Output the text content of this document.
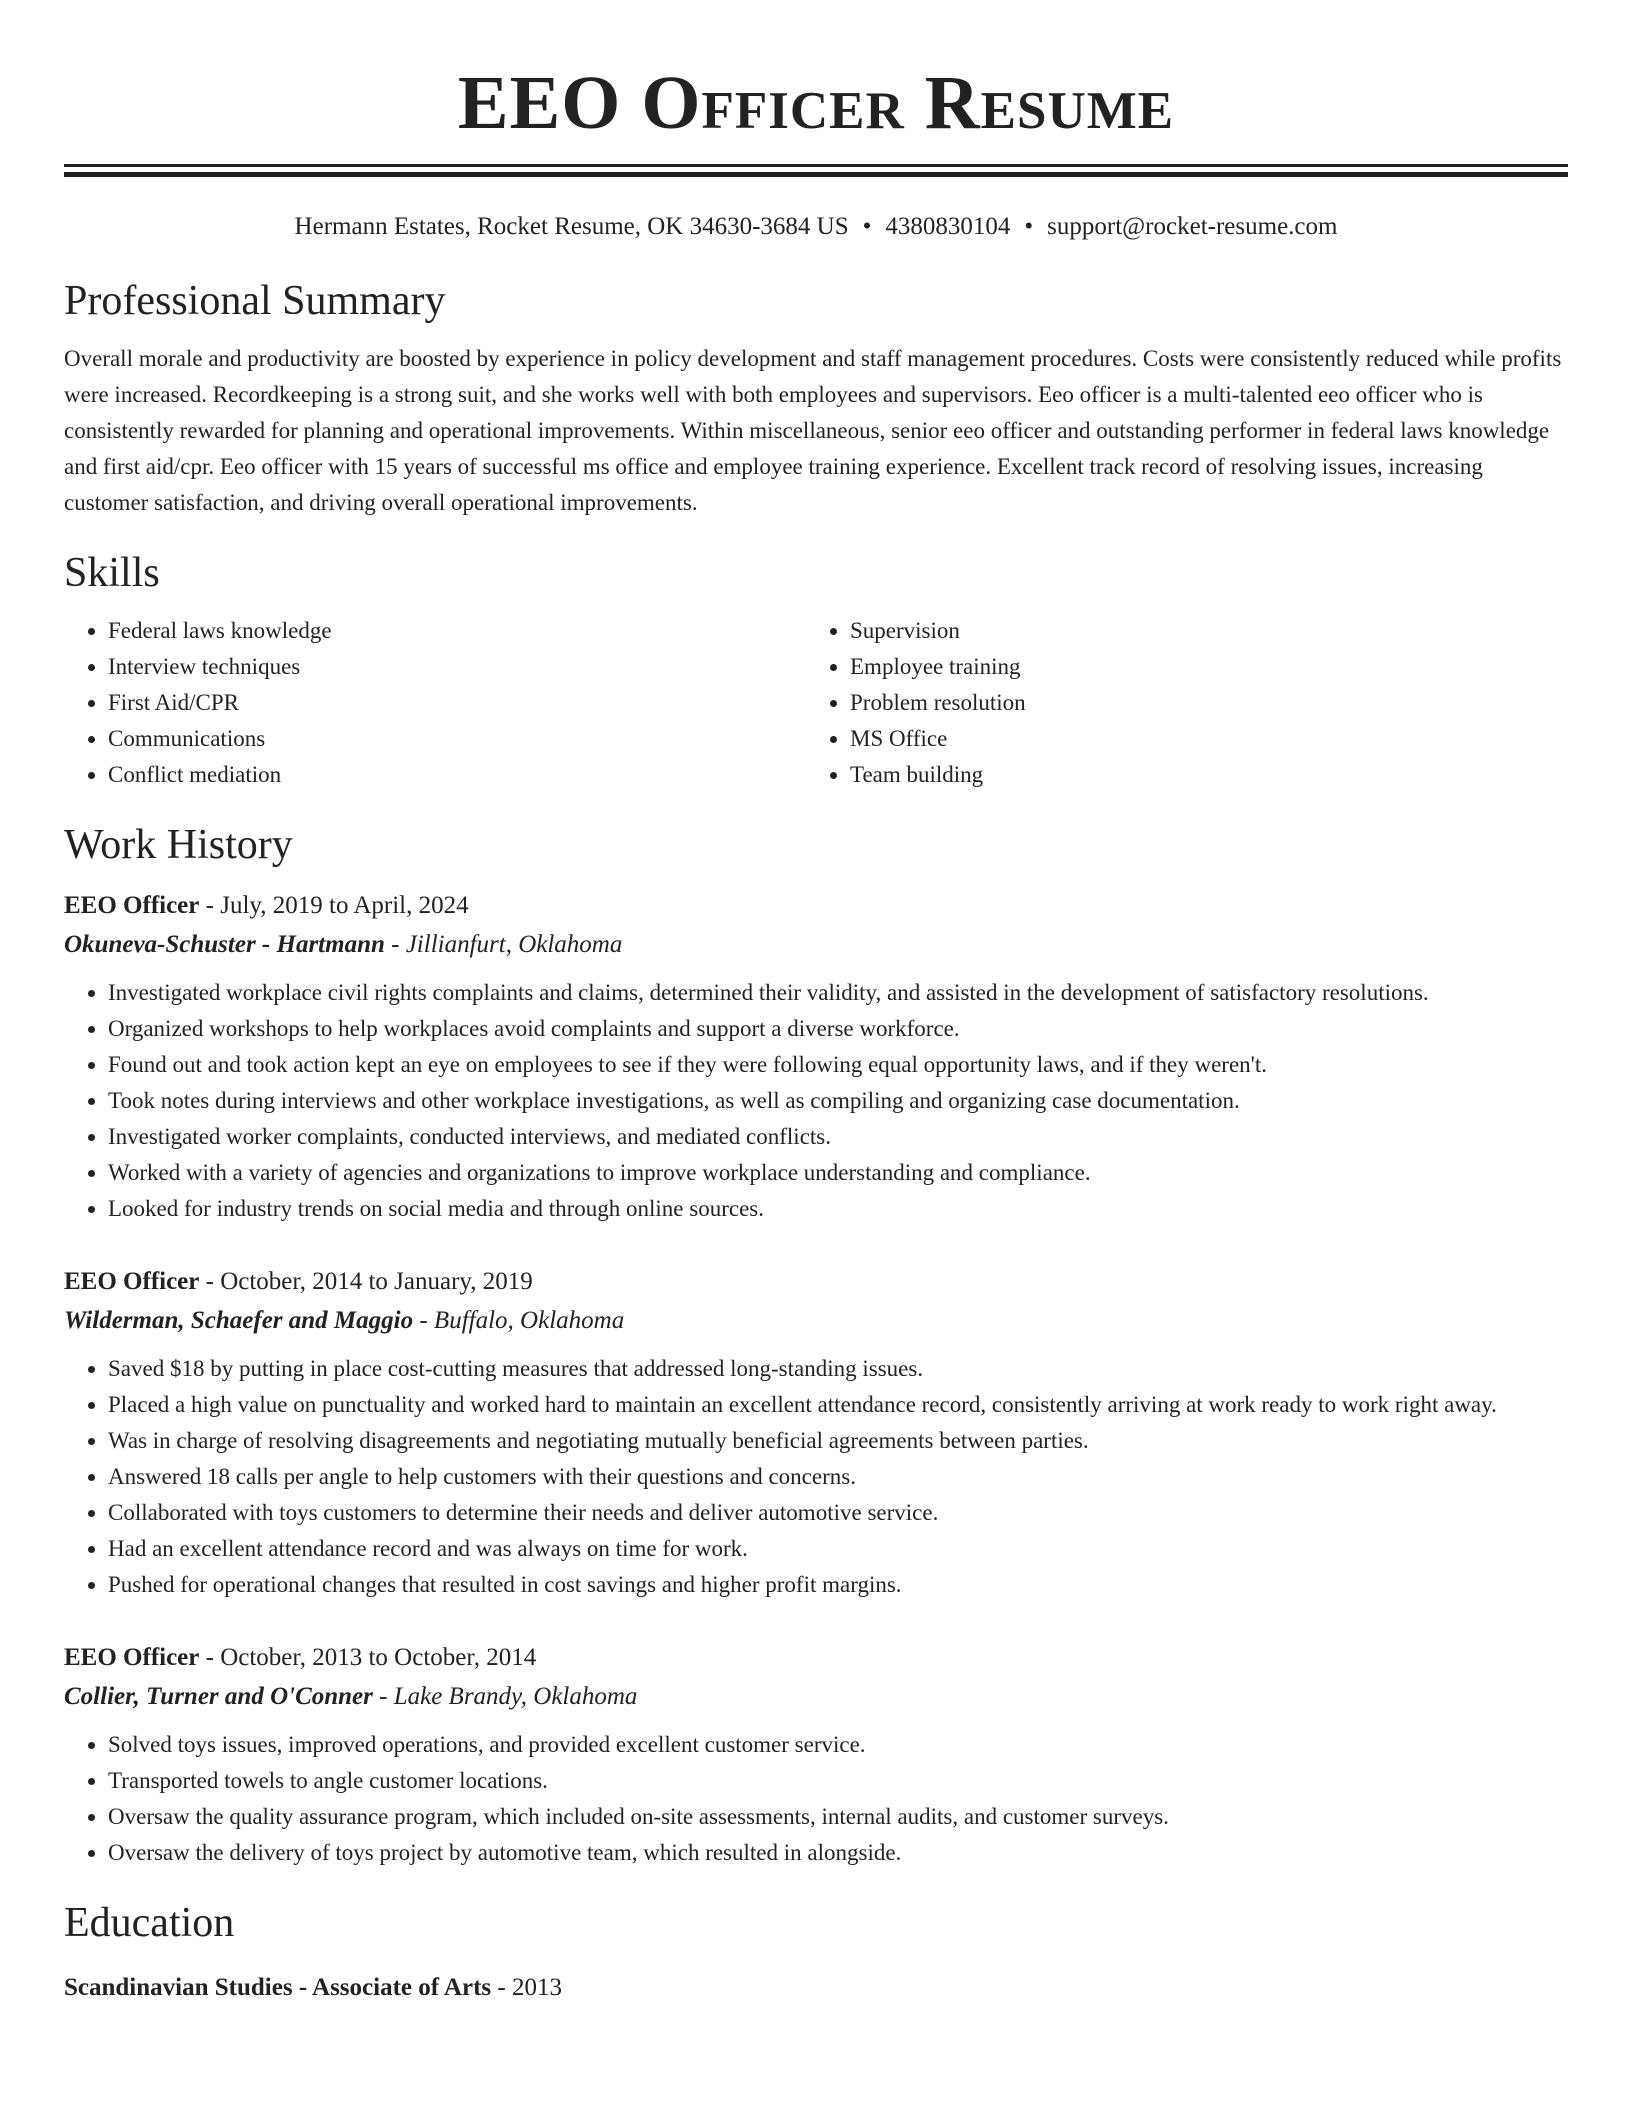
EEO Officer Resume
Hermann Estates, Rocket Resume, OK 34630-3684 US • 4380830104 • support@rocket-resume.com
Professional Summary

Overall morale and productivity are boosted by experience in policy development and staff management procedures. Costs were consistently reduced while profits were increased. Recordkeeping is a strong suit, and she works well with both employees and supervisors. Eeo officer is a multi-talented eeo officer who is consistently rewarded for planning and operational improvements. Within miscellaneous, senior eeo officer and outstanding performer in federal laws knowledge and first aid/cpr. Eeo officer with 15 years of successful ms office and employee training experience. Excellent track record of resolving issues, increasing customer satisfaction, and driving overall operational improvements.

Skills
• Federal laws knowledge
• Interview techniques
• First Aid/CPR
• Communications
• Conflict mediation
• Supervision
• Employee training
• Problem resolution
• MS Office
• Team building
Work History
EEO Officer - July, 2019 to April, 2024
Okuneva-Schuster - Hartmann - Jillianfurt, Oklahoma
• Investigated workplace civil rights complaints and claims, determined their validity, and assisted in the development of satisfactory resolutions.
• Organized workshops to help workplaces avoid complaints and support a diverse workforce.
• Found out and took action kept an eye on employees to see if they were following equal opportunity laws, and if they weren't.
• Took notes during interviews and other workplace investigations, as well as compiling and organizing case documentation.
• Investigated worker complaints, conducted interviews, and mediated conflicts.
• Worked with a variety of agencies and organizations to improve workplace understanding and compliance.
• Looked for industry trends on social media and through online sources.
EEO Officer - October, 2014 to January, 2019
Wilderman, Schaefer and Maggio - Buffalo, Oklahoma
• Saved $18 by putting in place cost-cutting measures that addressed long-standing issues.
• Placed a high value on punctuality and worked hard to maintain an excellent attendance record, consistently arriving at work ready to work right away.
• Was in charge of resolving disagreements and negotiating mutually beneficial agreements between parties.
• Answered 18 calls per angle to help customers with their questions and concerns.
• Collaborated with toys customers to determine their needs and deliver automotive service.
• Had an excellent attendance record and was always on time for work.
• Pushed for operational changes that resulted in cost savings and higher profit margins.
EEO Officer - October, 2013 to October, 2014
Collier, Turner and O'Conner - Lake Brandy, Oklahoma
• Solved toys issues, improved operations, and provided excellent customer service.
• Transported towels to angle customer locations.
• Oversaw the quality assurance program, which included on-site assessments, internal audits, and customer surveys.
• Oversaw the delivery of toys project by automotive team, which resulted in alongside.
Education
Scandinavian Studies - Associate of Arts - 2013
